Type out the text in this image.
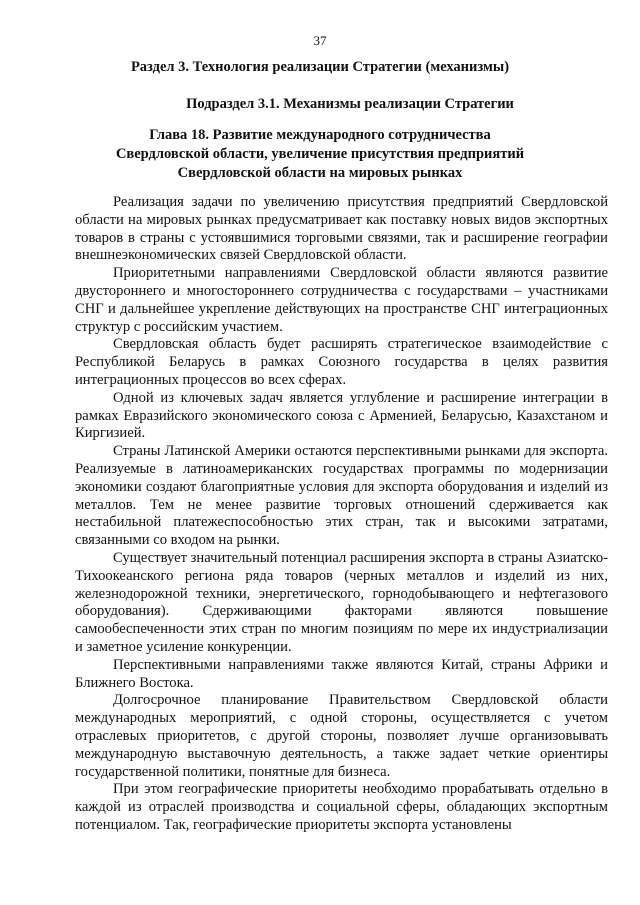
37
Раздел 3. Технология реализации Стратегии (механизмы)
Подраздел 3.1. Механизмы реализации Стратегии
Глава 18. Развитие международного сотрудничества
Свердловской области, увеличение присутствия предприятий
Свердловской области на мировых рынках

Реализация задачи по увеличению присутствия предприятий Свердловской области на мировых рынках предусматривает как поставку новых видов экспортных товаров в страны с устоявшимися торговыми связями, так и расширение географии внешнеэкономических связей Свердловской области.

Приоритетными направлениями Свердловской области являются развитие двустороннего и многостороннего сотрудничества с государствами – участниками СНГ и дальнейшее укрепление действующих на пространстве СНГ интеграционных структур с российским участием.

Свердловская область будет расширять стратегическое взаимодействие с Республикой Беларусь в рамках Союзного государства в целях развития интеграционных процессов во всех сферах.

Одной из ключевых задач является углубление и расширение интеграции в рамках Евразийского экономического союза с Арменией, Беларусью, Казахстаном и Киргизией.

Страны Латинской Америки остаются перспективными рынками для экспорта. Реализуемые в латиноамериканских государствах программы по модернизации экономики создают благоприятные условия для экспорта оборудования и изделий из металлов. Тем не менее развитие торговых отношений сдерживается как нестабильной платежеспособностью этих стран, так и высокими затратами, связанными со входом на рынки.

Существует значительный потенциал расширения экспорта в страны Азиатско-Тихоокеанского региона ряда товаров (черных металлов и изделий из них, железнодорожной техники, энергетического, горнодобывающего и нефтегазового оборудования). Сдерживающими факторами являются повышение самообеспеченности этих стран по многим позициям по мере их индустриализации и заметное усиление конкуренции.

Перспективными направлениями также являются Китай, страны Африки и Ближнего Востока.

Долгосрочное планирование Правительством Свердловской области международных мероприятий, с одной стороны, осуществляется с учетом отраслевых приоритетов, с другой стороны, позволяет лучше организовывать международную выставочную деятельность, а также задает четкие ориентиры государственной политики, понятные для бизнеса.

При этом географические приоритеты необходимо прорабатывать отдельно в каждой из отраслей производства и социальной сферы, обладающих экспортным потенциалом. Так, географические приоритеты экспорта установлены
